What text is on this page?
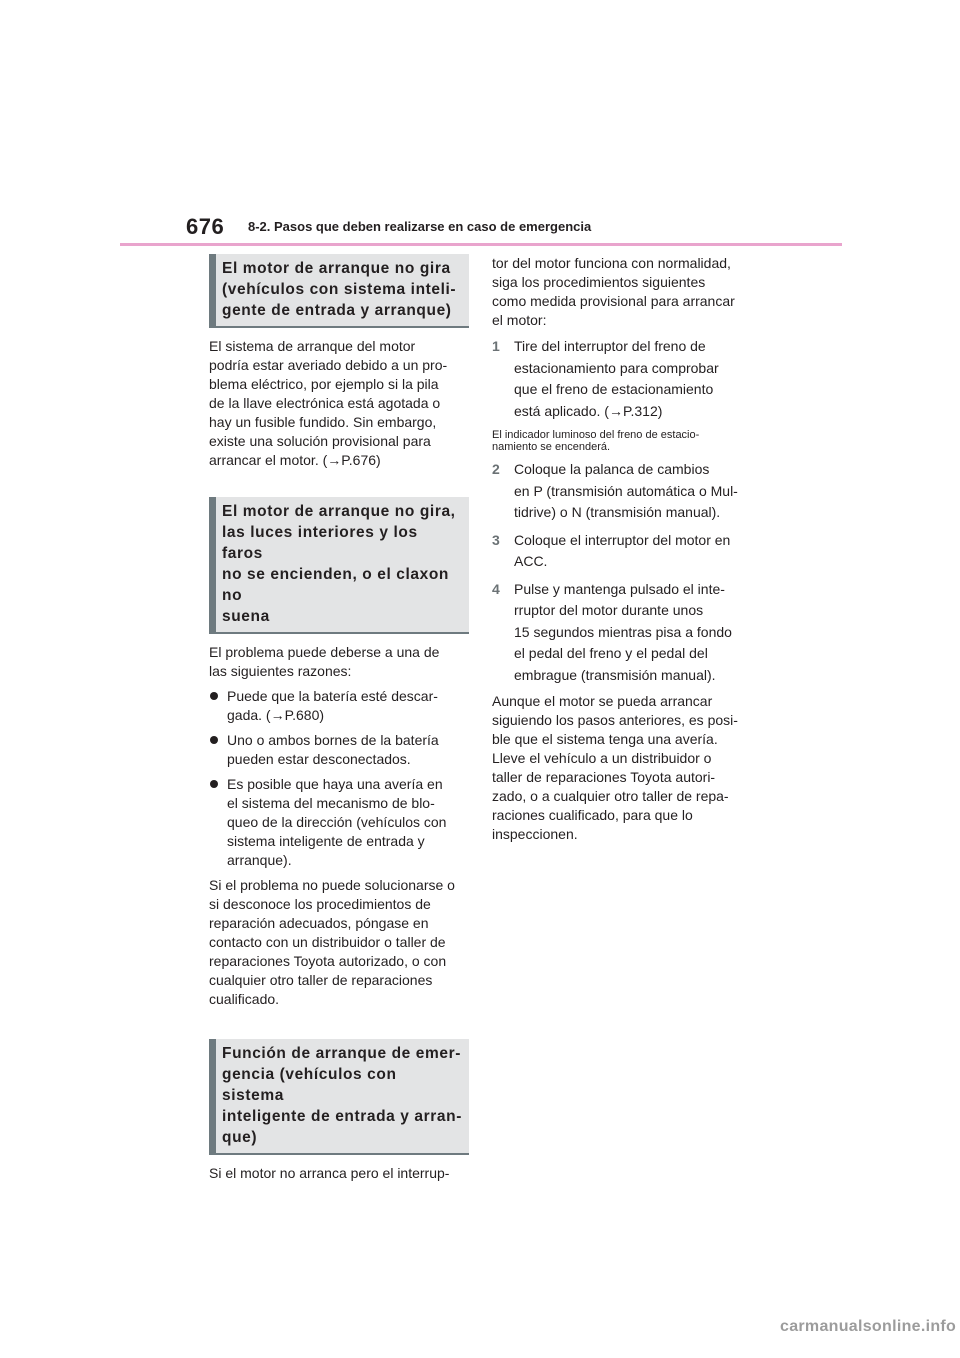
676 8-2. Pasos que deben realizarse en caso de emergencia
El motor de arranque no gira
(vehículos con sistema inteli-
gente de entrada y arranque)

El sistema de arranque del motor
podría estar averiado debido a un pro-
blema eléctrico, por ejemplo si la pila
de la llave electrónica está agotada o
hay un fusible fundido. Sin embargo,
existe una solución provisional para
arrancar el motor. (→P.676)

El motor de arranque no gira,
las luces interiores y los faros
no se encienden, o el claxon no
suena

El problema puede deberse a una de
las siguientes razones:

Puede que la batería esté descar-
gada. (→P.680)

Uno o ambos bornes de la batería
pueden estar desconectados.

Es posible que haya una avería en
el sistema del mecanismo de blo-
queo de la dirección (vehículos con
sistema inteligente de entrada y
arranque).

Si el problema no puede solucionarse o
si desconoce los procedimientos de
reparación adecuados, póngase en
contacto con un distribuidor o taller de
reparaciones Toyota autorizado, o con
cualquier otro taller de reparaciones
cualificado.

Función de arranque de emer-
gencia (vehículos con sistema
inteligente de entrada y arran-
que)

Si el motor no arranca pero el interrup-

tor del motor funciona con normalidad,
siga los procedimientos siguientes
como medida provisional para arrancar
el motor:

1 Tire del interruptor del freno de
estacionamiento para comprobar
que el freno de estacionamiento
está aplicado. (→P.312)

El indicador luminoso del freno de estacio-
namiento se encenderá.

2 Coloque la palanca de cambios
en P (transmisión automática o Mul-
tidrive) o N (transmisión manual).

3 Coloque el interruptor del motor en
ACC.

4 Pulse y mantenga pulsado el inte-
rruptor del motor durante unos
15 segundos mientras pisa a fondo
el pedal del freno y el pedal del
embrague (transmisión manual).

Aunque el motor se pueda arrancar
siguiendo los pasos anteriores, es posi-
ble que el sistema tenga una avería.
Lleve el vehículo a un distribuidor o
taller de reparaciones Toyota autori-
zado, o a cualquier otro taller de repa-
raciones cualificado, para que lo
inspeccionen.

carmanualsonline.info
